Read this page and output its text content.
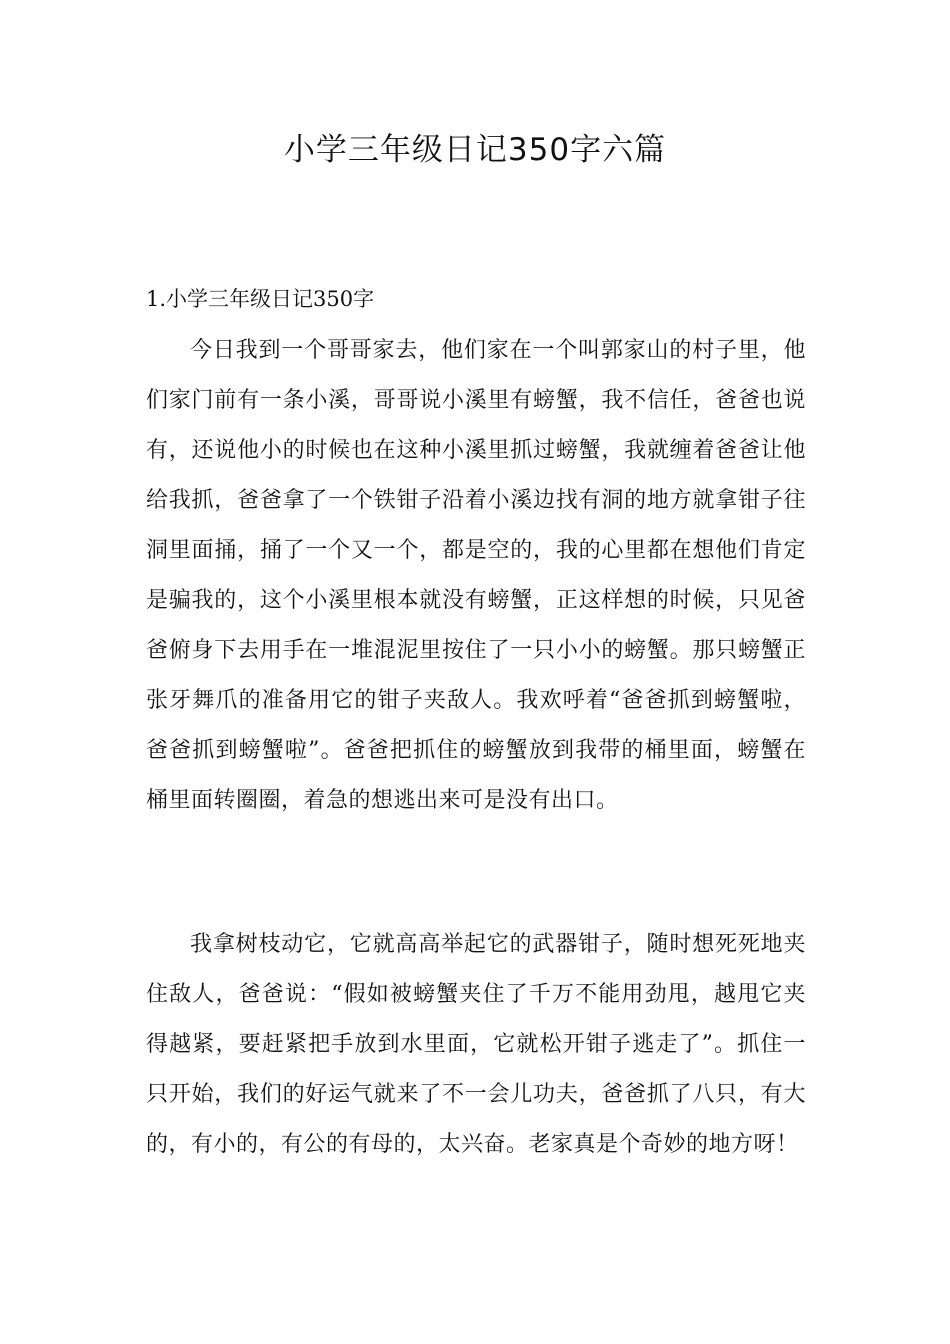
小学三年级日记350字六篇
1.小学三年级日记350字

今日我到一个哥哥家去，他们家在一个叫郭家山的村子里，他们家门前有一条小溪，哥哥说小溪里有螃蟹，我不信任，爸爸也说有，还说他小的时候也在这种小溪里抓过螃蟹，我就缠着爸爸让他给我抓，爸爸拿了一个铁钳子沿着小溪边找有洞的地方就拿钳子往洞里面捅，捅了一个又一个，都是空的，我的心里都在想他们肯定是骗我的，这个小溪里根本就没有螃蟹，正这样想的时候，只见爸爸俯身下去用手在一堆混泥里按住了一只小小的螃蟹。那只螃蟹正张牙舞爪的准备用它的钳子夹敌人。我欢呼着“爸爸抓到螃蟹啦，爸爸抓到螃蟹啦”。爸爸把抓住的螃蟹放到我带的桶里面，螃蟹在桶里面转圈圈，着急的想逃出来可是没有出口。

我拿树枝动它，它就高高举起它的武器钳子，随时想死死地夹住敌人，爸爸说：“假如被螃蟹夹住了千万不能用劲甩，越甩它夹得越紧，要赶紧把手放到水里面，它就松开钳子逃走了”。抓住一只开始，我们的好运气就来了不一会儿功夫，爸爸抓了八只，有大的，有小的，有公的有母的，太兴奋。老家真是个奇妙的地方呀！
